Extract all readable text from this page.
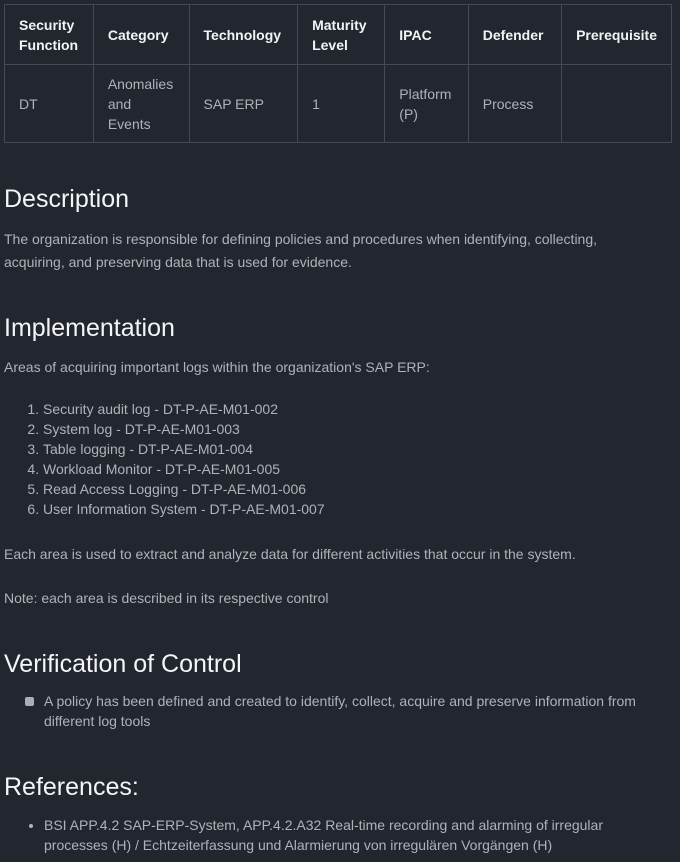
Security Function	Category	Technology	Maturity Level	IPAC	Defender	Prerequisite
DT	Anomalies and Events	SAP ERP	1	Platform (P)	Process	
Description

The organization is responsible for defining policies and procedures when identifying, collecting, acquiring, and preserving data that is used for evidence.

Implementation

Areas of acquiring important logs within the organization's SAP ERP:

1. Security audit log - DT-P-AE-M01-002
2. System log - DT-P-AE-M01-003
3. Table logging - DT-P-AE-M01-004
4. Workload Monitor - DT-P-AE-M01-005
5. Read Access Logging - DT-P-AE-M01-006
6. User Information System - DT-P-AE-M01-007

Each area is used to extract and analyze data for different activities that occur in the system.

Note: each area is described in its respective control

Verification of Control
A policy has been defined and created to identify, collect, acquire and preserve information from different log tools
References:
• BSI APP.4.2 SAP-ERP-System, APP.4.2.A32 Real-time recording and alarming of irregular processes (H) / Echtzeiterfassung und Alarmierung von irregulären Vorgängen (H)
